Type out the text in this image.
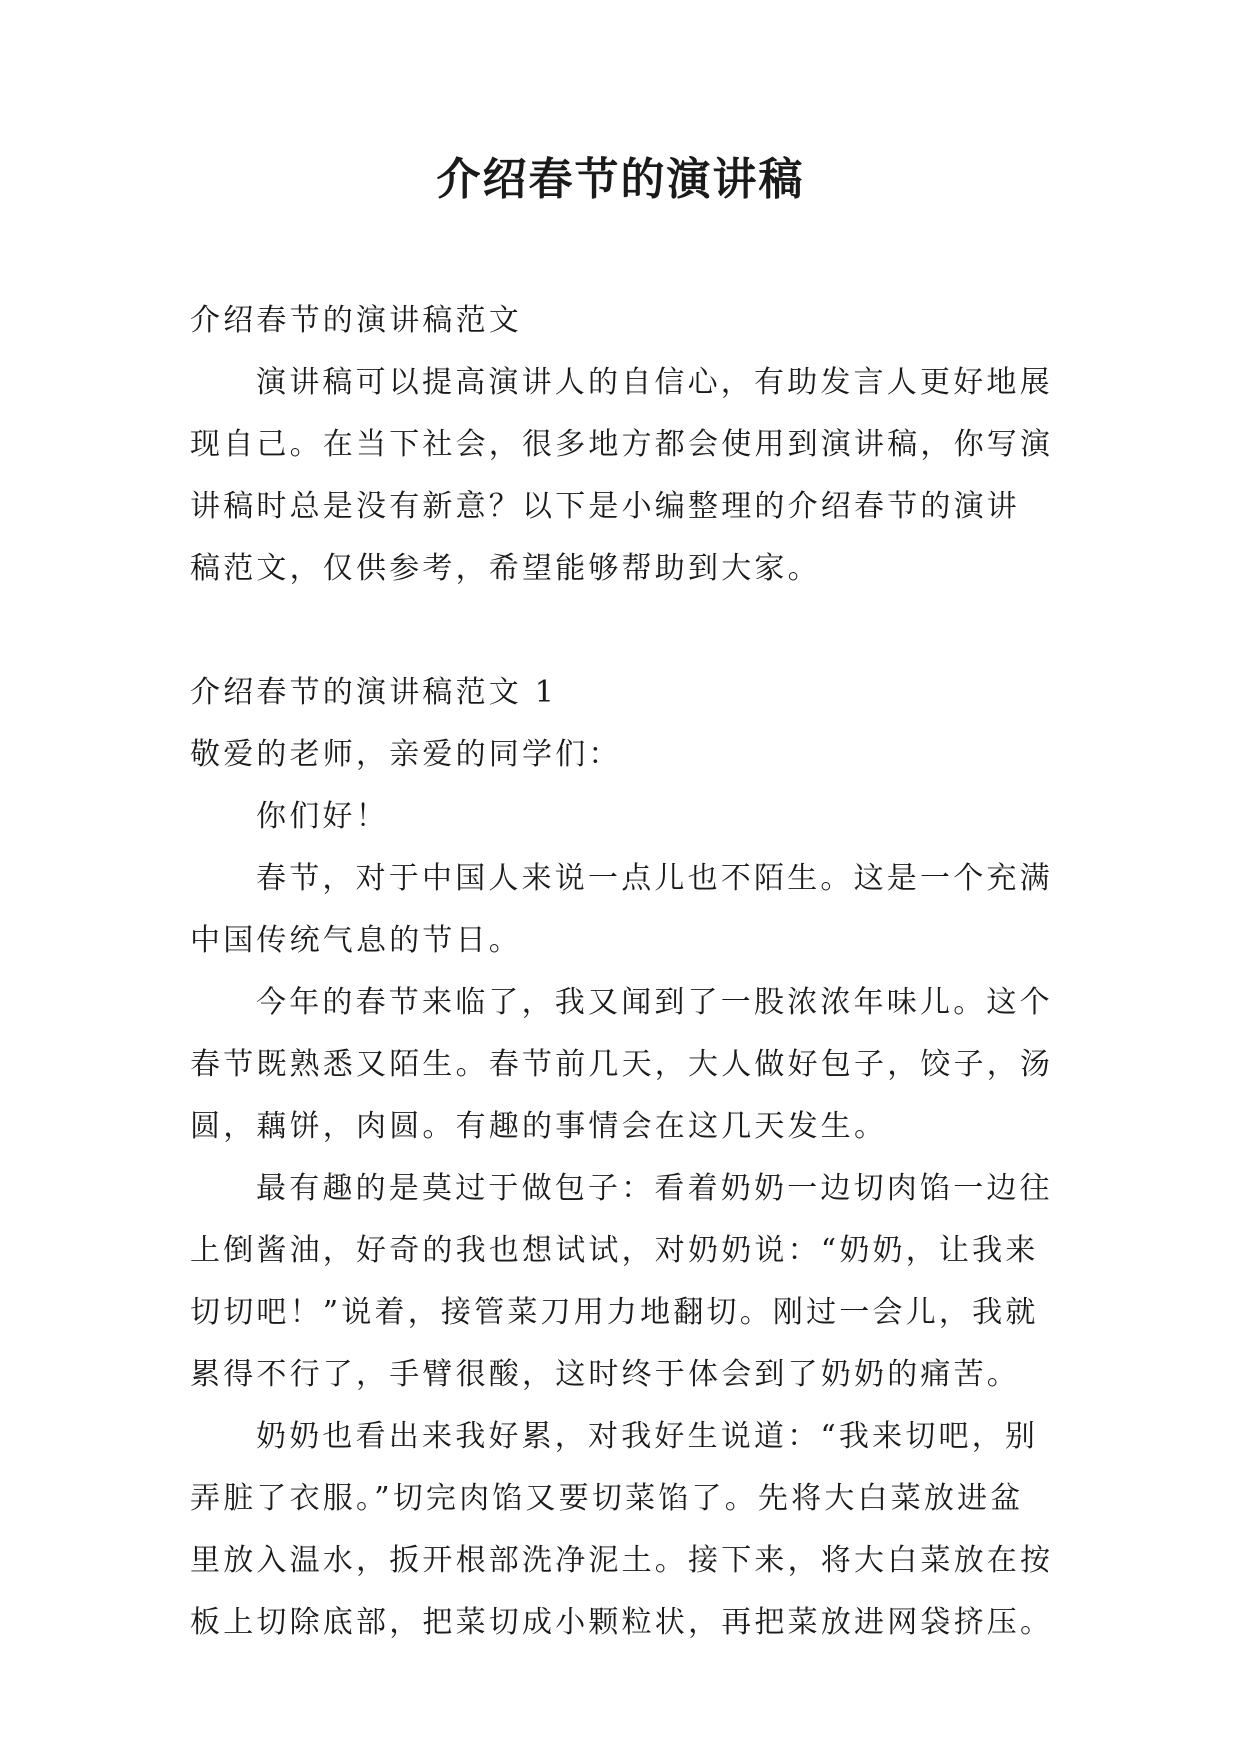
介绍春节的演讲稿

介绍春节的演讲稿范文

演讲稿可以提高演讲人的自信心，有助发言人更好地展

现自己。在当下社会，很多地方都会使用到演讲稿，你写演

讲稿时总是没有新意？以下是小编整理的介绍春节的演讲

稿范文，仅供参考，希望能够帮助到大家。

介绍春节的演讲稿范文 1

敬爱的老师，亲爱的同学们：

你们好！

春节，对于中国人来说一点儿也不陌生。这是一个充满

中国传统气息的节日。

今年的春节来临了，我又闻到了一股浓浓年味儿。这个

春节既熟悉又陌生。春节前几天，大人做好包子，饺子，汤

圆，藕饼，肉圆。有趣的事情会在这几天发生。

最有趣的是莫过于做包子：看着奶奶一边切肉馅一边往

上倒酱油，好奇的我也想试试，对奶奶说：“奶奶，让我来

切切吧！”说着，接管菜刀用力地翻切。刚过一会儿，我就

累得不行了，手臂很酸，这时终于体会到了奶奶的痛苦。

奶奶也看出来我好累，对我好生说道：“我来切吧，别

弄脏了衣服。”切完肉馅又要切菜馅了。先将大白菜放进盆

里放入温水，扳开根部洗净泥土。接下来，将大白菜放在按

板上切除底部，把菜切成小颗粒状，再把菜放进网袋挤压。
